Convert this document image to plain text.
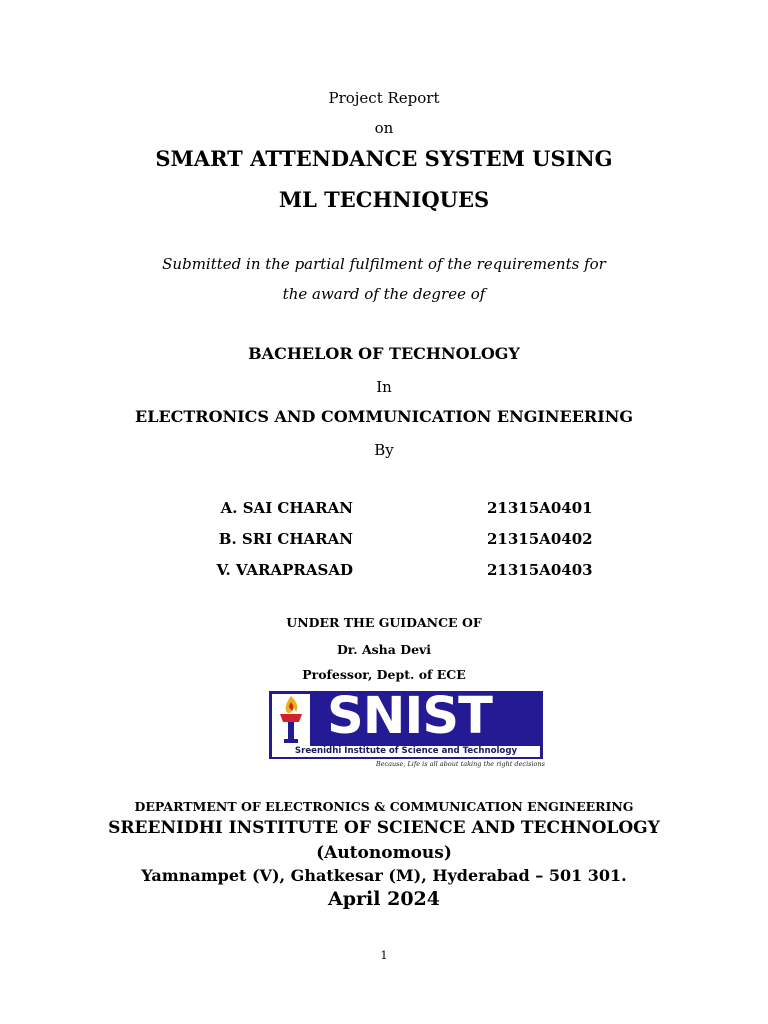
Project Report
on
SMART ATTENDANCE SYSTEM USING
ML TECHNIQUES
Submitted in the partial fulfilment of the requirements for
the award of the degree of
BACHELOR OF TECHNOLOGY
In
ELECTRONICS AND COMMUNICATION ENGINEERING
By
A. SAI CHARAN	21315A0401
B. SRI CHARAN	21315A0402
V. VARAPRASAD	21315A0403
UNDER THE GUIDANCE OF
Dr. Asha Devi
Professor, Dept. of ECE
SNIST
Sreenidhi Institute of Science and Technology
Because, Life is all about taking the right decisions
DEPARTMENT OF ELECTRONICS & COMMUNICATION ENGINEERING
SREENIDHI INSTITUTE OF SCIENCE AND TECHNOLOGY
(Autonomous)
Yamnampet (V), Ghatkesar (M), Hyderabad – 501 301.
April 2024
1
